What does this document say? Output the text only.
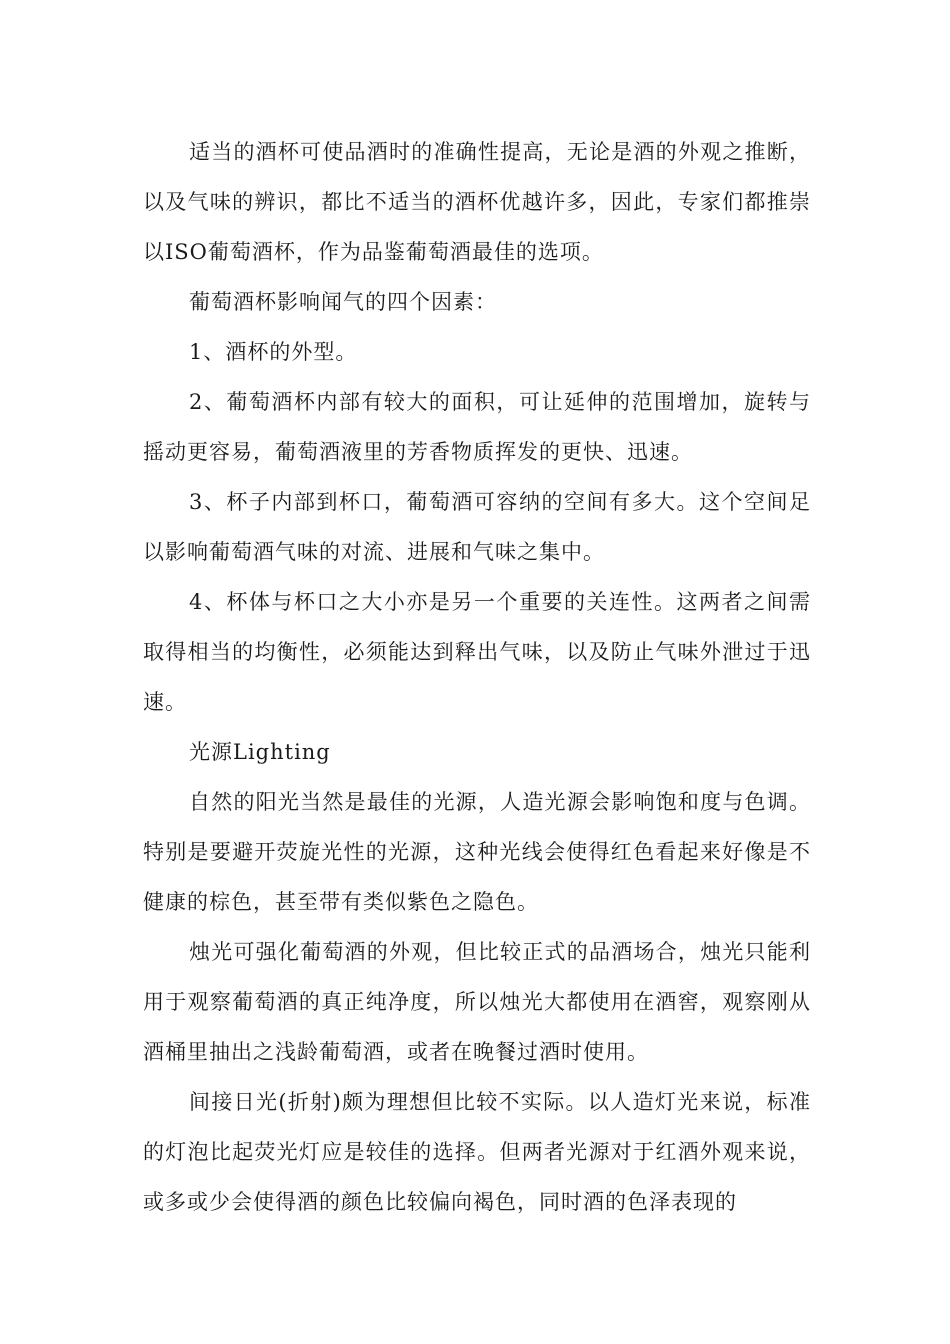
适当的酒杯可使品酒时的准确性提高，无论是酒的外观之推断，以及气味的辨识，都比不适当的酒杯优越许多，因此，专家们都推崇以ISO葡萄酒杯，作为品鉴葡萄酒最佳的选项。

葡萄酒杯影响闻气的四个因素：

1、酒杯的外型。

2、葡萄酒杯内部有较大的面积，可让延伸的范围增加，旋转与摇动更容易，葡萄酒液里的芳香物质挥发的更快、迅速。

3、杯子内部到杯口，葡萄酒可容纳的空间有多大。这个空间足以影响葡萄酒气味的对流、进展和气味之集中。

4、杯体与杯口之大小亦是另一个重要的关连性。这两者之间需取得相当的均衡性，必须能达到释出气味，以及防止气味外泄过于迅速。

光源Lighting

自然的阳光当然是最佳的光源，人造光源会影响饱和度与色调。特别是要避开荧旋光性的光源，这种光线会使得红色看起来好像是不健康的棕色，甚至带有类似紫色之隐色。

烛光可强化葡萄酒的外观，但比较正式的品酒场合，烛光只能利用于观察葡萄酒的真正纯净度，所以烛光大都使用在酒窖，观察刚从酒桶里抽出之浅龄葡萄酒，或者在晚餐过酒时使用。

间接日光(折射)颇为理想但比较不实际。以人造灯光来说，标准的灯泡比起荧光灯应是较佳的选择。但两者光源对于红酒外观来说，或多或少会使得酒的颜色比较偏向褐色，同时酒的色泽表现的
